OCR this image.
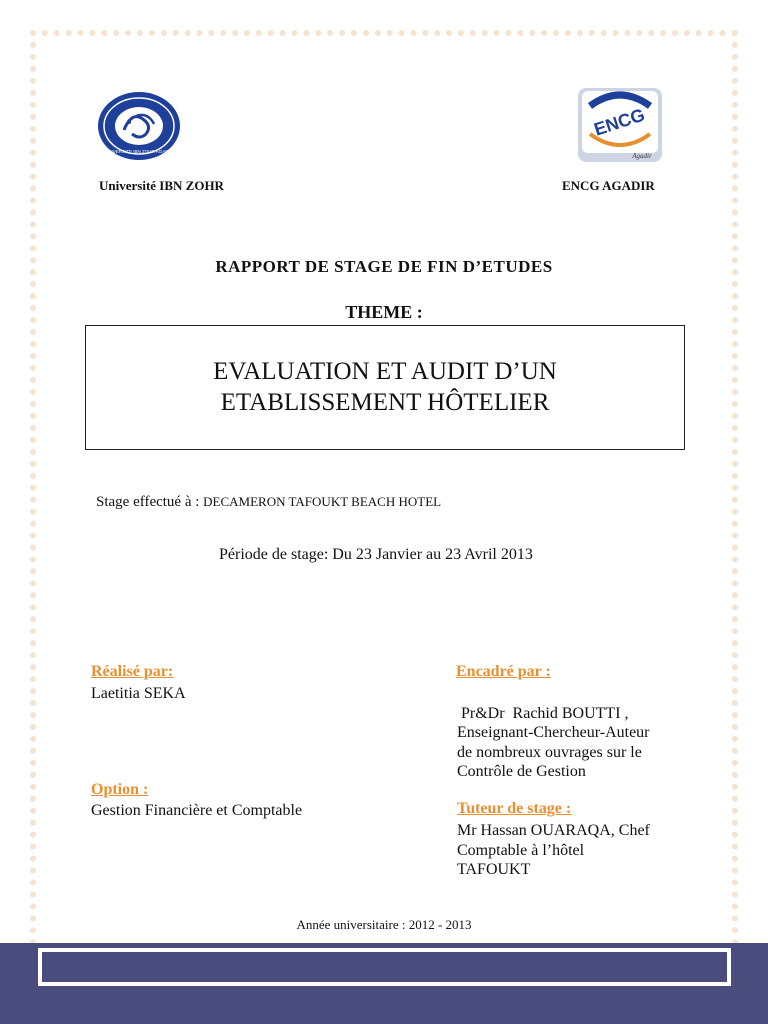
UNIVERSITE IBN ZOHR AGADIR
ENCG
Agadir
Université IBN ZOHR	ENCG AGADIR
RAPPORT DE STAGE DE FIN D’ETUDES
THEME :
EVALUATION ET AUDIT D’UN
ETABLISSEMENT HÔTELIER
Stage effectué à : DECAMERON TAFOUKT BEACH HOTEL
Période de stage: Du 23 Janvier au 23 Avril 2013
Réalisé par:
Laetitia SEKA
Encadré par :

Pr&Dr  Rachid BOUTTI ,
Enseignant-Chercheur-Auteur
de nombreux ouvrages sur le
Contrôle de Gestion
Option :
Gestion Financière et Comptable	Tuteur de stage :
Mr Hassan OUARAQA, Chef
Comptable à l’hôtel
TAFOUKT
Année universitaire : 2012 - 2013
